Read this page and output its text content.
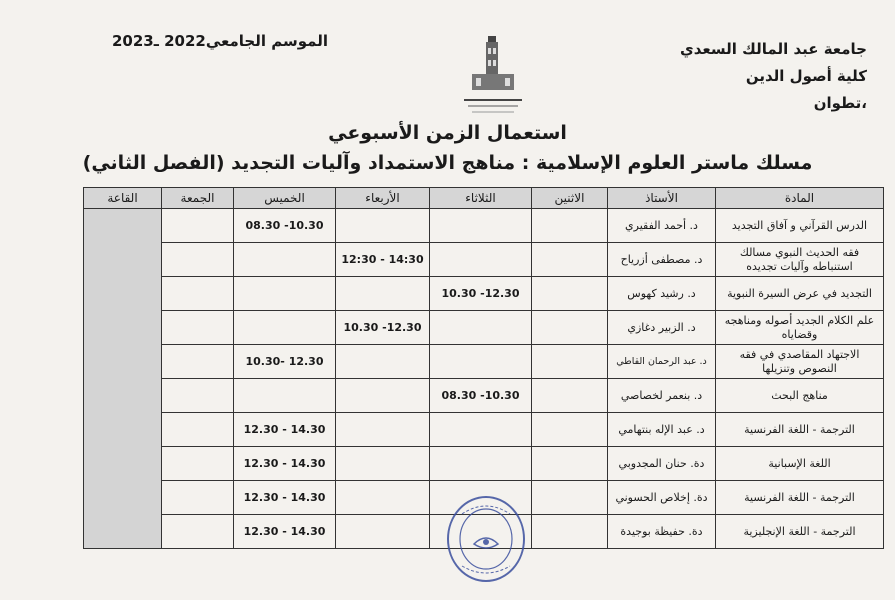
جامعة عبد المالك السعدي
كلية أصول الدين
،تطوان
الموسم الجامعي2022 ـ2023
استعمال الزمن الأسبوعي
مسلك ماستر العلوم الإسلامية : مناهج الاستمداد وآليات التجديد (الفصل الثاني)
المادة	الأستاذ	الاثنين	الثلاثاء	الأربعاء	الخميس	الجمعة	القاعة
الدرس القرآني و آفاق التجديد	د. أحمد الفقيري				08.30 -10.30		
فقه الحديث النبوي مسالك استنباطه وآليات تجديده	د. مصطفى أزرياح			12:30 - 14:30			
التجديد في عرض السيرة النبوية	د. رشيد كهوس		10.30 -12.30				
علم الكلام الجديد أصوله ومناهجه وقضاياه	د. الزبير دغازي			10.30 -12.30			
الاجتهاد المقاصدي في فقه النصوص وتنزيلها	د. عبد الرحمان القاطي				10.30- 12.30		
مناهج البحث	د. بنعمر لخصاصي		08.30 -10.30				
الترجمة - اللغة الفرنسية	د. عبد الإله بنتهامي				12.30 - 14.30		
اللغة الإسبانية	دة. حنان المجدوبي				12.30 - 14.30		
الترجمة - اللغة الفرنسية	دة. إخلاص الحسوني				12.30 - 14.30		
الترجمة - اللغة الإنجليزية	دة. حفيظة بوجيدة				12.30 - 14.30		
